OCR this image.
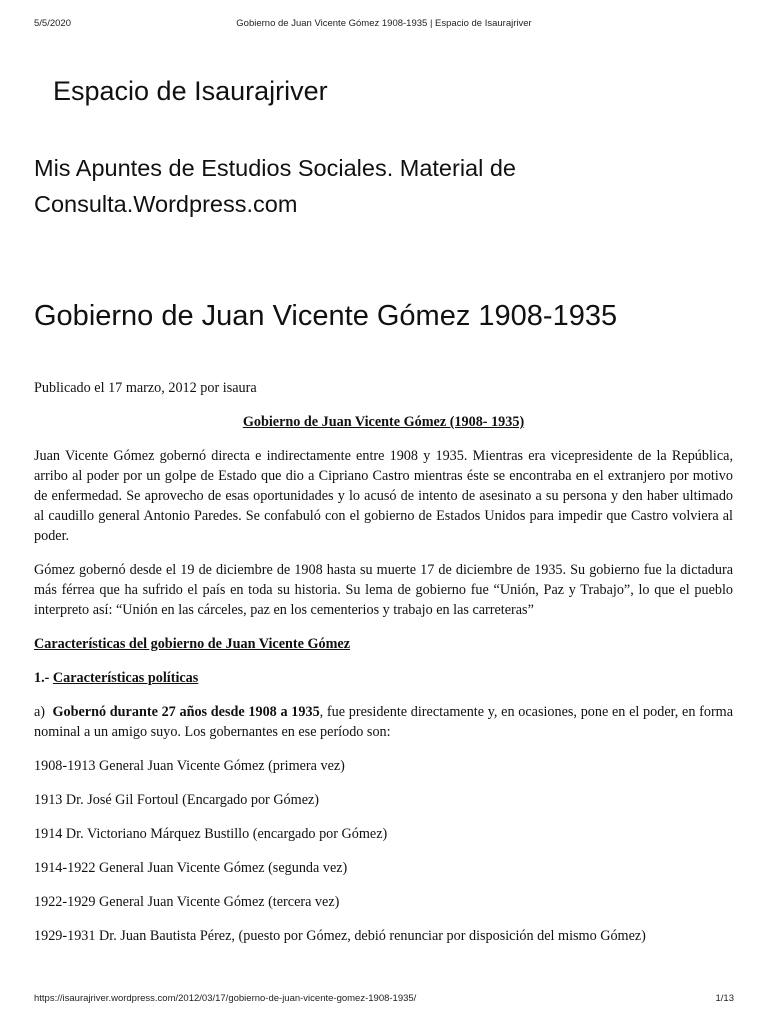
5/5/2020	Gobierno de Juan Vicente Gómez 1908-1935 | Espacio de Isaurajriver
Espacio de Isaurajriver
Mis Apuntes de Estudios Sociales. Material de Consulta.Wordpress.com
Gobierno de Juan Vicente Gómez 1908-1935

Publicado el 17 marzo, 2012 por isaura

Gobierno de Juan Vicente Gómez (1908- 1935)

Juan Vicente Gómez gobernó directa e indirectamente entre 1908 y 1935. Mientras era vicepresidente de la República, arribo al poder por un golpe de Estado que dio a Cipriano Castro mientras éste se encontraba en el extranjero por motivo de enfermedad. Se aprovecho de esas oportunidades y lo acusó de intento de asesinato a su persona y den haber ultimado al caudillo general Antonio Paredes. Se confabuló con el gobierno de Estados Unidos para impedir que Castro volviera al poder.

Gómez gobernó desde el 19 de diciembre de 1908 hasta su muerte 17 de diciembre de 1935. Su gobierno fue la dictadura más férrea que ha sufrido el país en toda su historia. Su lema de gobierno fue “Unión, Paz y Trabajo”, lo que el pueblo interpreto así: “Unión en las cárceles, paz en los cementerios y trabajo en las carreteras”

Características del gobierno de Juan Vicente Gómez

1.- Características políticas

a) Gobernó durante 27 años desde 1908 a 1935, fue presidente directamente y, en ocasiones, pone en el poder, en forma nominal a un amigo suyo. Los gobernantes en ese período son:

1908-1913 General Juan Vicente Gómez (primera vez)

1913 Dr. José Gil Fortoul (Encargado por Gómez)

1914 Dr. Victoriano Márquez Bustillo (encargado por Gómez)

1914-1922 General Juan Vicente Gómez (segunda vez)

1922-1929 General Juan Vicente Gómez (tercera vez)

1929-1931 Dr. Juan Bautista Pérez, (puesto por Gómez, debió renunciar por disposición del mismo Gómez)

https://isaurajriver.wordpress.com/2012/03/17/gobierno-de-juan-vicente-gomez-1908-1935/	1/13
